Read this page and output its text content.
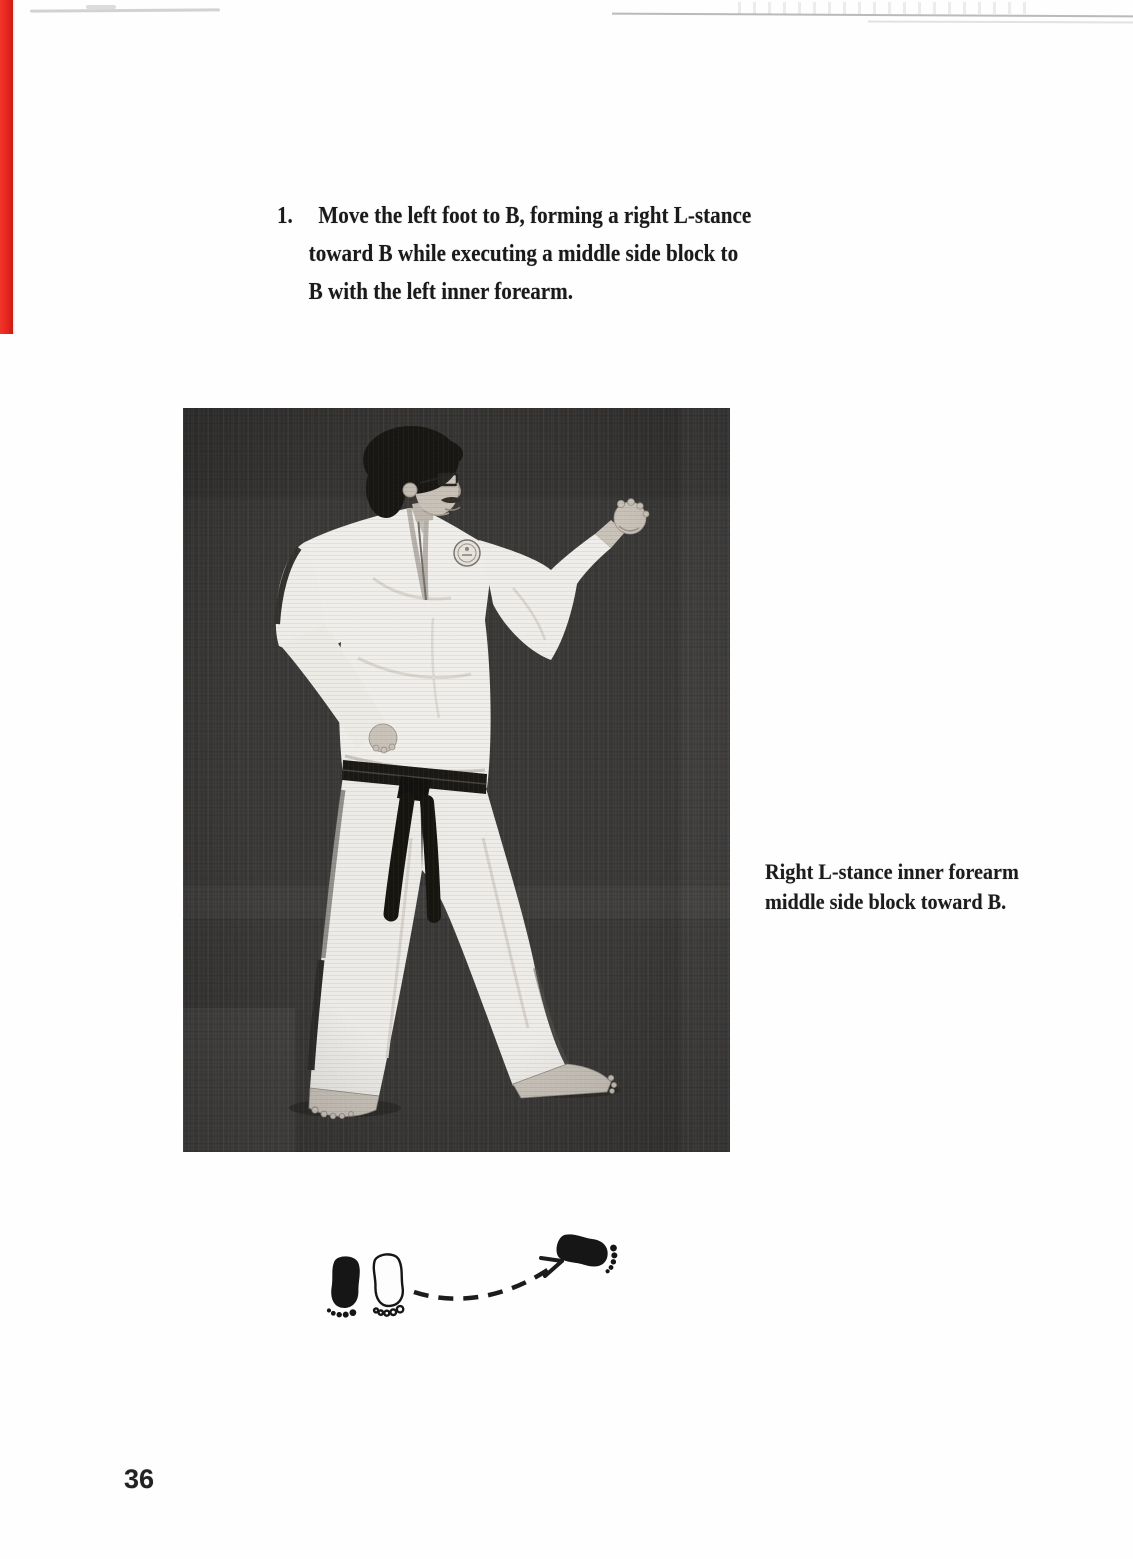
1. Move the left foot to B, forming a right L-stance
toward B while executing a middle side block to
B with the left inner forearm.
Right L-stance inner forearm
middle side block toward B.
36
